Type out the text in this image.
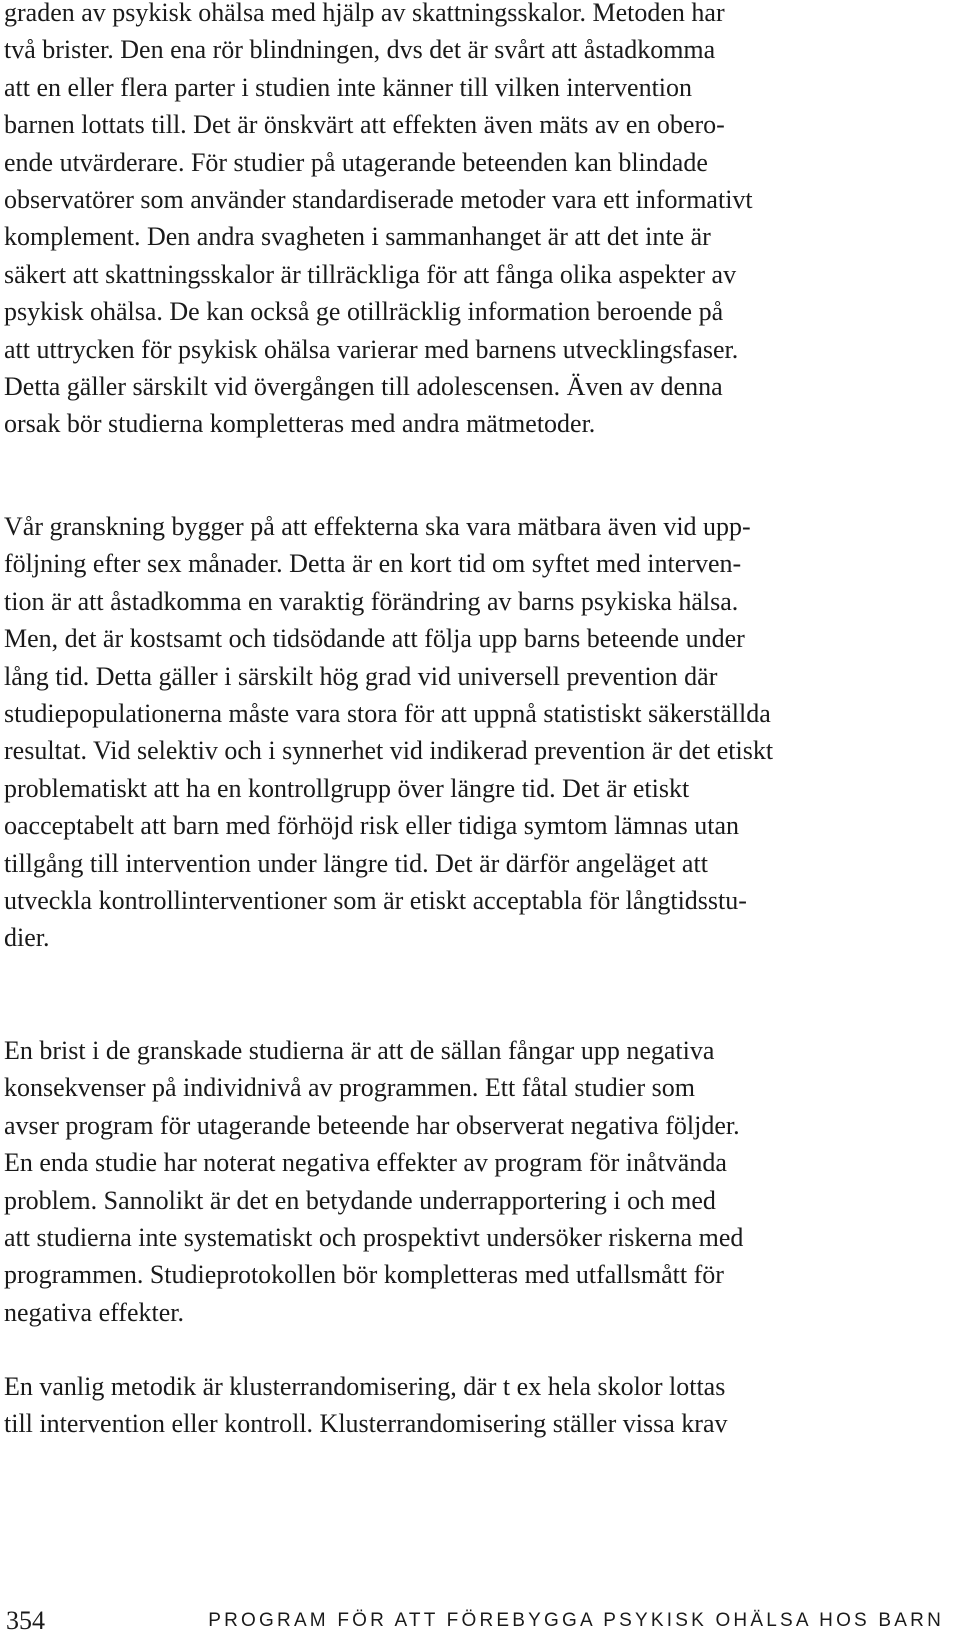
graden av psykisk ohälsa med hjälp av skattningsskalor. Metoden har
två brister. Den ena rör blindningen, dvs det är svårt att åstadkomma
att en eller flera parter i studien inte känner till vilken intervention
barnen lottats till. Det är önskvärt att effekten även mäts av en obero-
ende utvärderare. För studier på utagerande beteenden kan blindade
observatörer som använder standardiserade metoder vara ett informativt
komplement. Den andra svagheten i sammanhanget är att det inte är
säkert att skattningsskalor är tillräckliga för att fånga olika aspekter av
psykisk ohälsa. De kan också ge otillräcklig information beroende på
att uttrycken för psykisk ohälsa varierar med barnens utvecklingsfaser.
Detta gäller särskilt vid övergången till adolescensen. Även av denna
orsak bör studierna kompletteras med andra mätmetoder.

Vår granskning bygger på att effekterna ska vara mätbara även vid upp-
följning efter sex månader. Detta är en kort tid om syftet med interven-
tion är att åstadkomma en varaktig förändring av barns psykiska hälsa.
Men, det är kostsamt och tidsödande att följa upp barns beteende under
lång tid. Detta gäller i särskilt hög grad vid universell prevention där
studiepopulationerna måste vara stora för att uppnå statistiskt säkerställda
resultat. Vid selektiv och i synnerhet vid indikerad prevention är det etiskt
problematiskt att ha en kontrollgrupp över längre tid. Det är etiskt
oacceptabelt att barn med förhöjd risk eller tidiga symtom lämnas utan
tillgång till intervention under längre tid. Det är därför angeläget att
utveckla kontrollinterventioner som är etiskt acceptabla för långtidsstu-
dier.

En brist i de granskade studierna är att de sällan fångar upp negativa
konsekvenser på individnivå av programmen. Ett fåtal studier som
avser program för utagerande beteende har observerat negativa följder.
En enda studie har noterat negativa effekter av program för inåtvända
problem. Sannolikt är det en betydande underrapportering i och med
att studierna inte systematiskt och prospektivt undersöker riskerna med
programmen. Studieprotokollen bör kompletteras med utfallsmått för
negativa effekter.

En vanlig metodik är klusterrandomisering, där t ex hela skolor lottas
till intervention eller kontroll. Klusterrandomisering ställer vissa krav

354	PROGRAM FÖR ATT FÖREBYGGA PSYKISK OHÄLSA HOS BARN
